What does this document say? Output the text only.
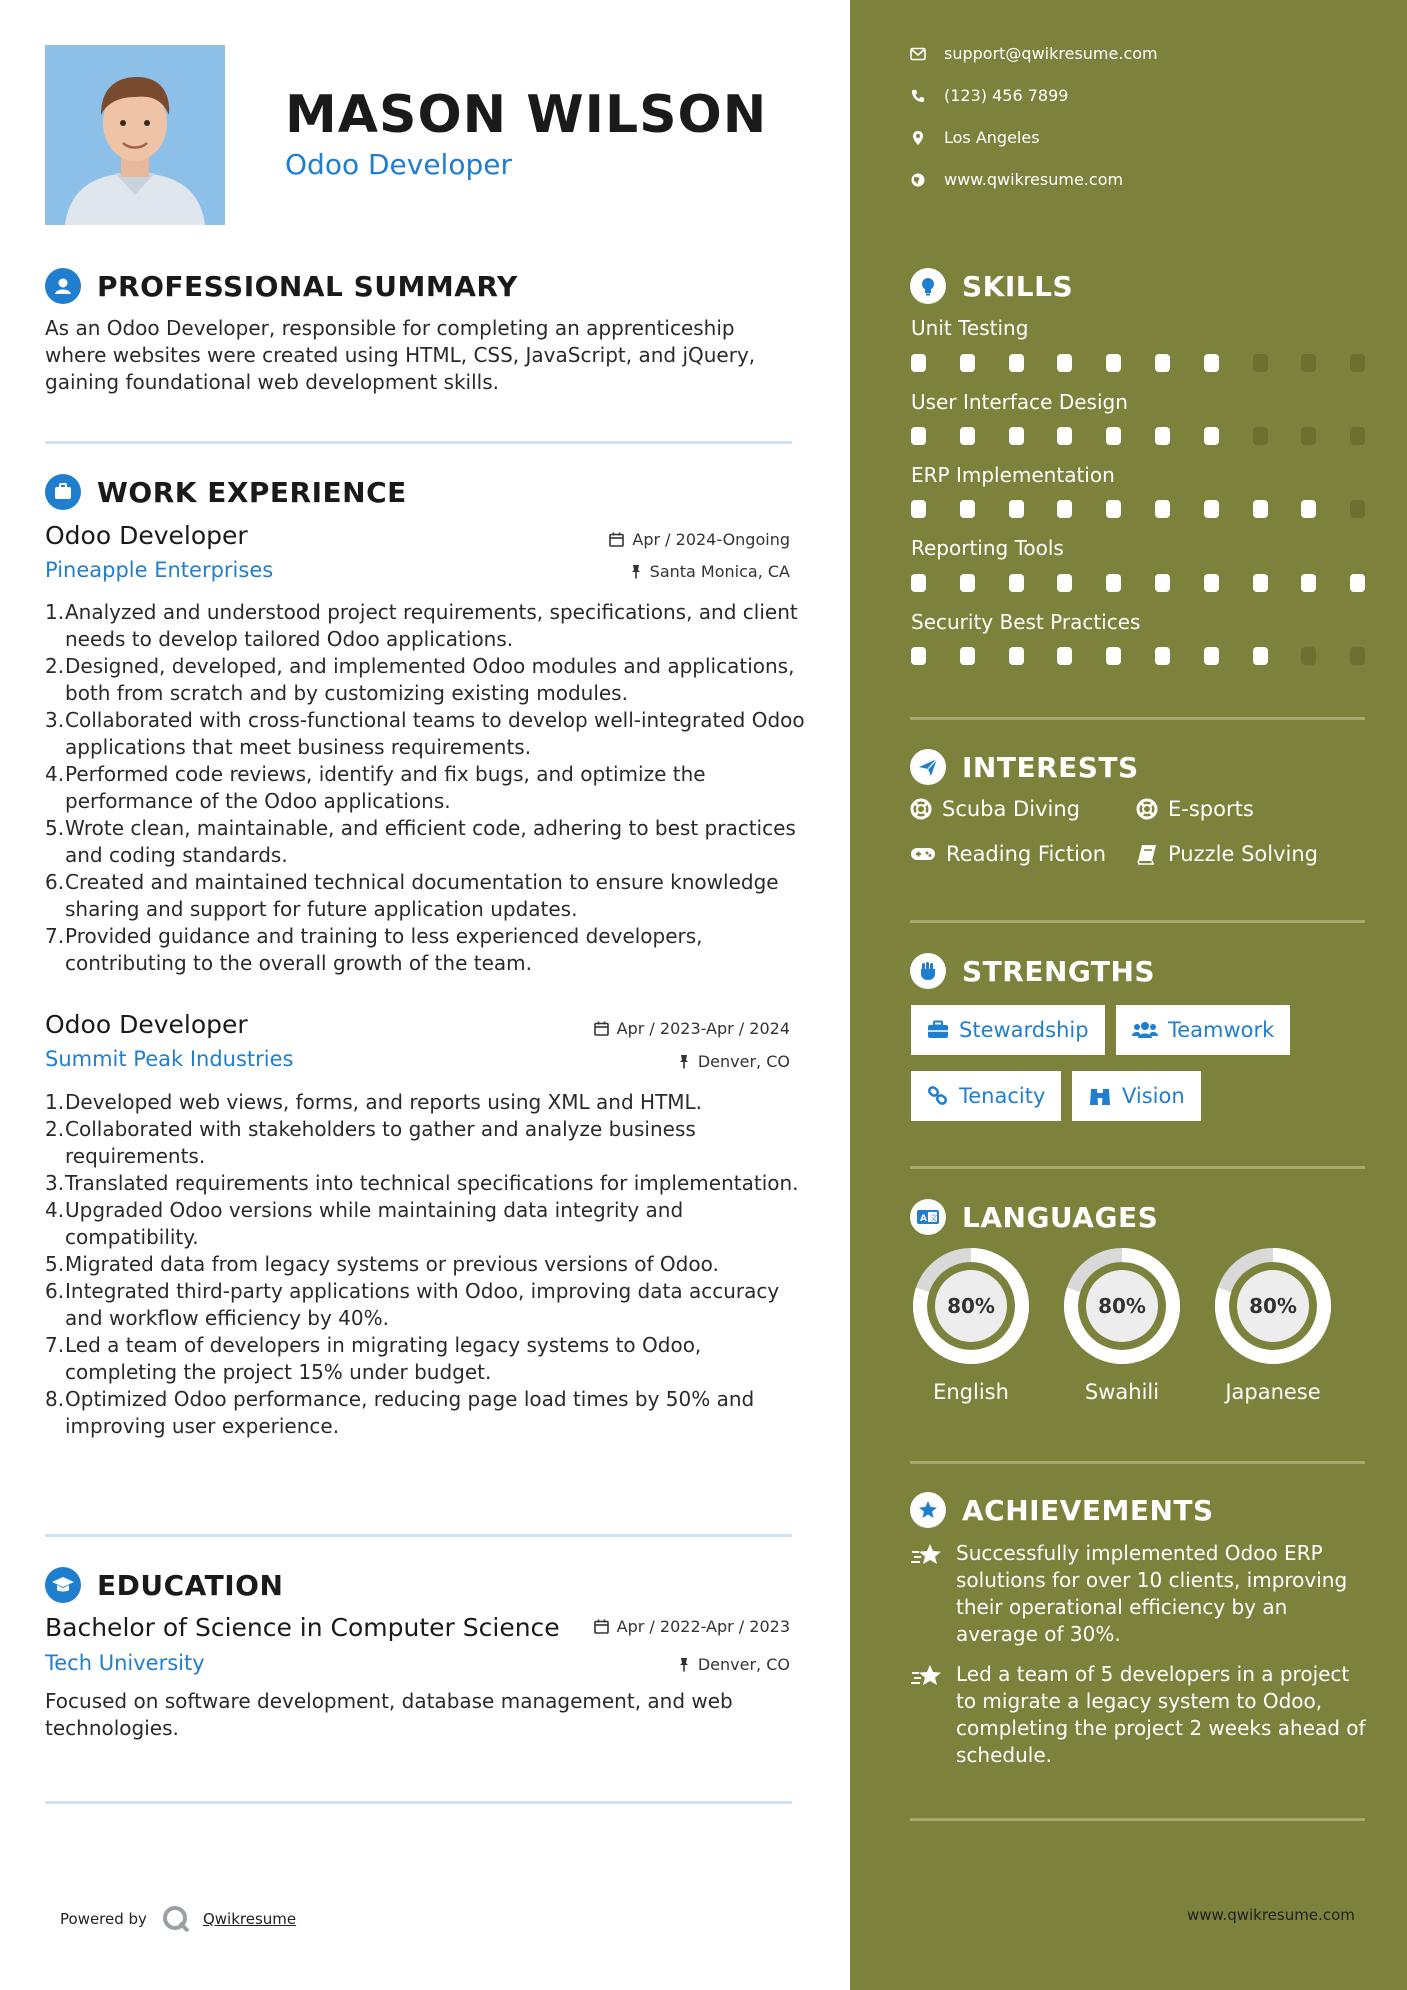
MASON WILSON
Odoo Developer
PROFESSIONAL SUMMARY
As an Odoo Developer, responsible for completing an apprenticeship where websites were created using HTML, CSS, JavaScript, and jQuery, gaining foundational web development skills.
WORK EXPERIENCE
Odoo Developer
Pineapple Enterprises
Apr / 2024-Ongoing
Santa Monica, CA
1. Analyzed and understood project requirements, specifications, and client needs to develop tailored Odoo applications.
2. Designed, developed, and implemented Odoo modules and applications, both from scratch and by customizing existing modules.
3. Collaborated with cross-functional teams to develop well-integrated Odoo applications that meet business requirements.
4. Performed code reviews, identify and fix bugs, and optimize the performance of the Odoo applications.
5. Wrote clean, maintainable, and efficient code, adhering to best practices and coding standards.
6. Created and maintained technical documentation to ensure knowledge sharing and support for future application updates.
7. Provided guidance and training to less experienced developers, contributing to the overall growth of the team.
Odoo Developer
Summit Peak Industries
Apr / 2023-Apr / 2024
Denver, CO
1. Developed web views, forms, and reports using XML and HTML.
2. Collaborated with stakeholders to gather and analyze business requirements.
3. Translated requirements into technical specifications for implementation.
4. Upgraded Odoo versions while maintaining data integrity and compatibility.
5. Migrated data from legacy systems or previous versions of Odoo.
6. Integrated third-party applications with Odoo, improving data accuracy and workflow efficiency by 40%.
7. Led a team of developers in migrating legacy systems to Odoo, completing the project 15% under budget.
8. Optimized Odoo performance, reducing page load times by 50% and improving user experience.
EDUCATION
Bachelor of Science in Computer Science
Tech University
Apr / 2022-Apr / 2023
Denver, CO
Focused on software development, database management, and web technologies.
Powered by	Qwikresume
support@qwikresume.com
(123) 456 7899
Los Angeles
www.qwikresume.com
SKILLS
Unit Testing
User Interface Design
ERP Implementation
Reporting Tools
Security Best Practices
INTERESTS
Scuba Diving	E-sports
Reading Fiction	Puzzle Solving
STRENGTHS
Stewardship	Teamwork
Tenacity	Vision
A 文 LANGUAGES
80%
English
80%
Swahili
80%
Japanese
ACHIEVEMENTS
Successfully implemented Odoo ERP solutions for over 10 clients, improving their operational efficiency by an average of 30%.
Led a team of 5 developers in a project to migrate a legacy system to Odoo, completing the project 2 weeks ahead of schedule.
www.qwikresume.com
